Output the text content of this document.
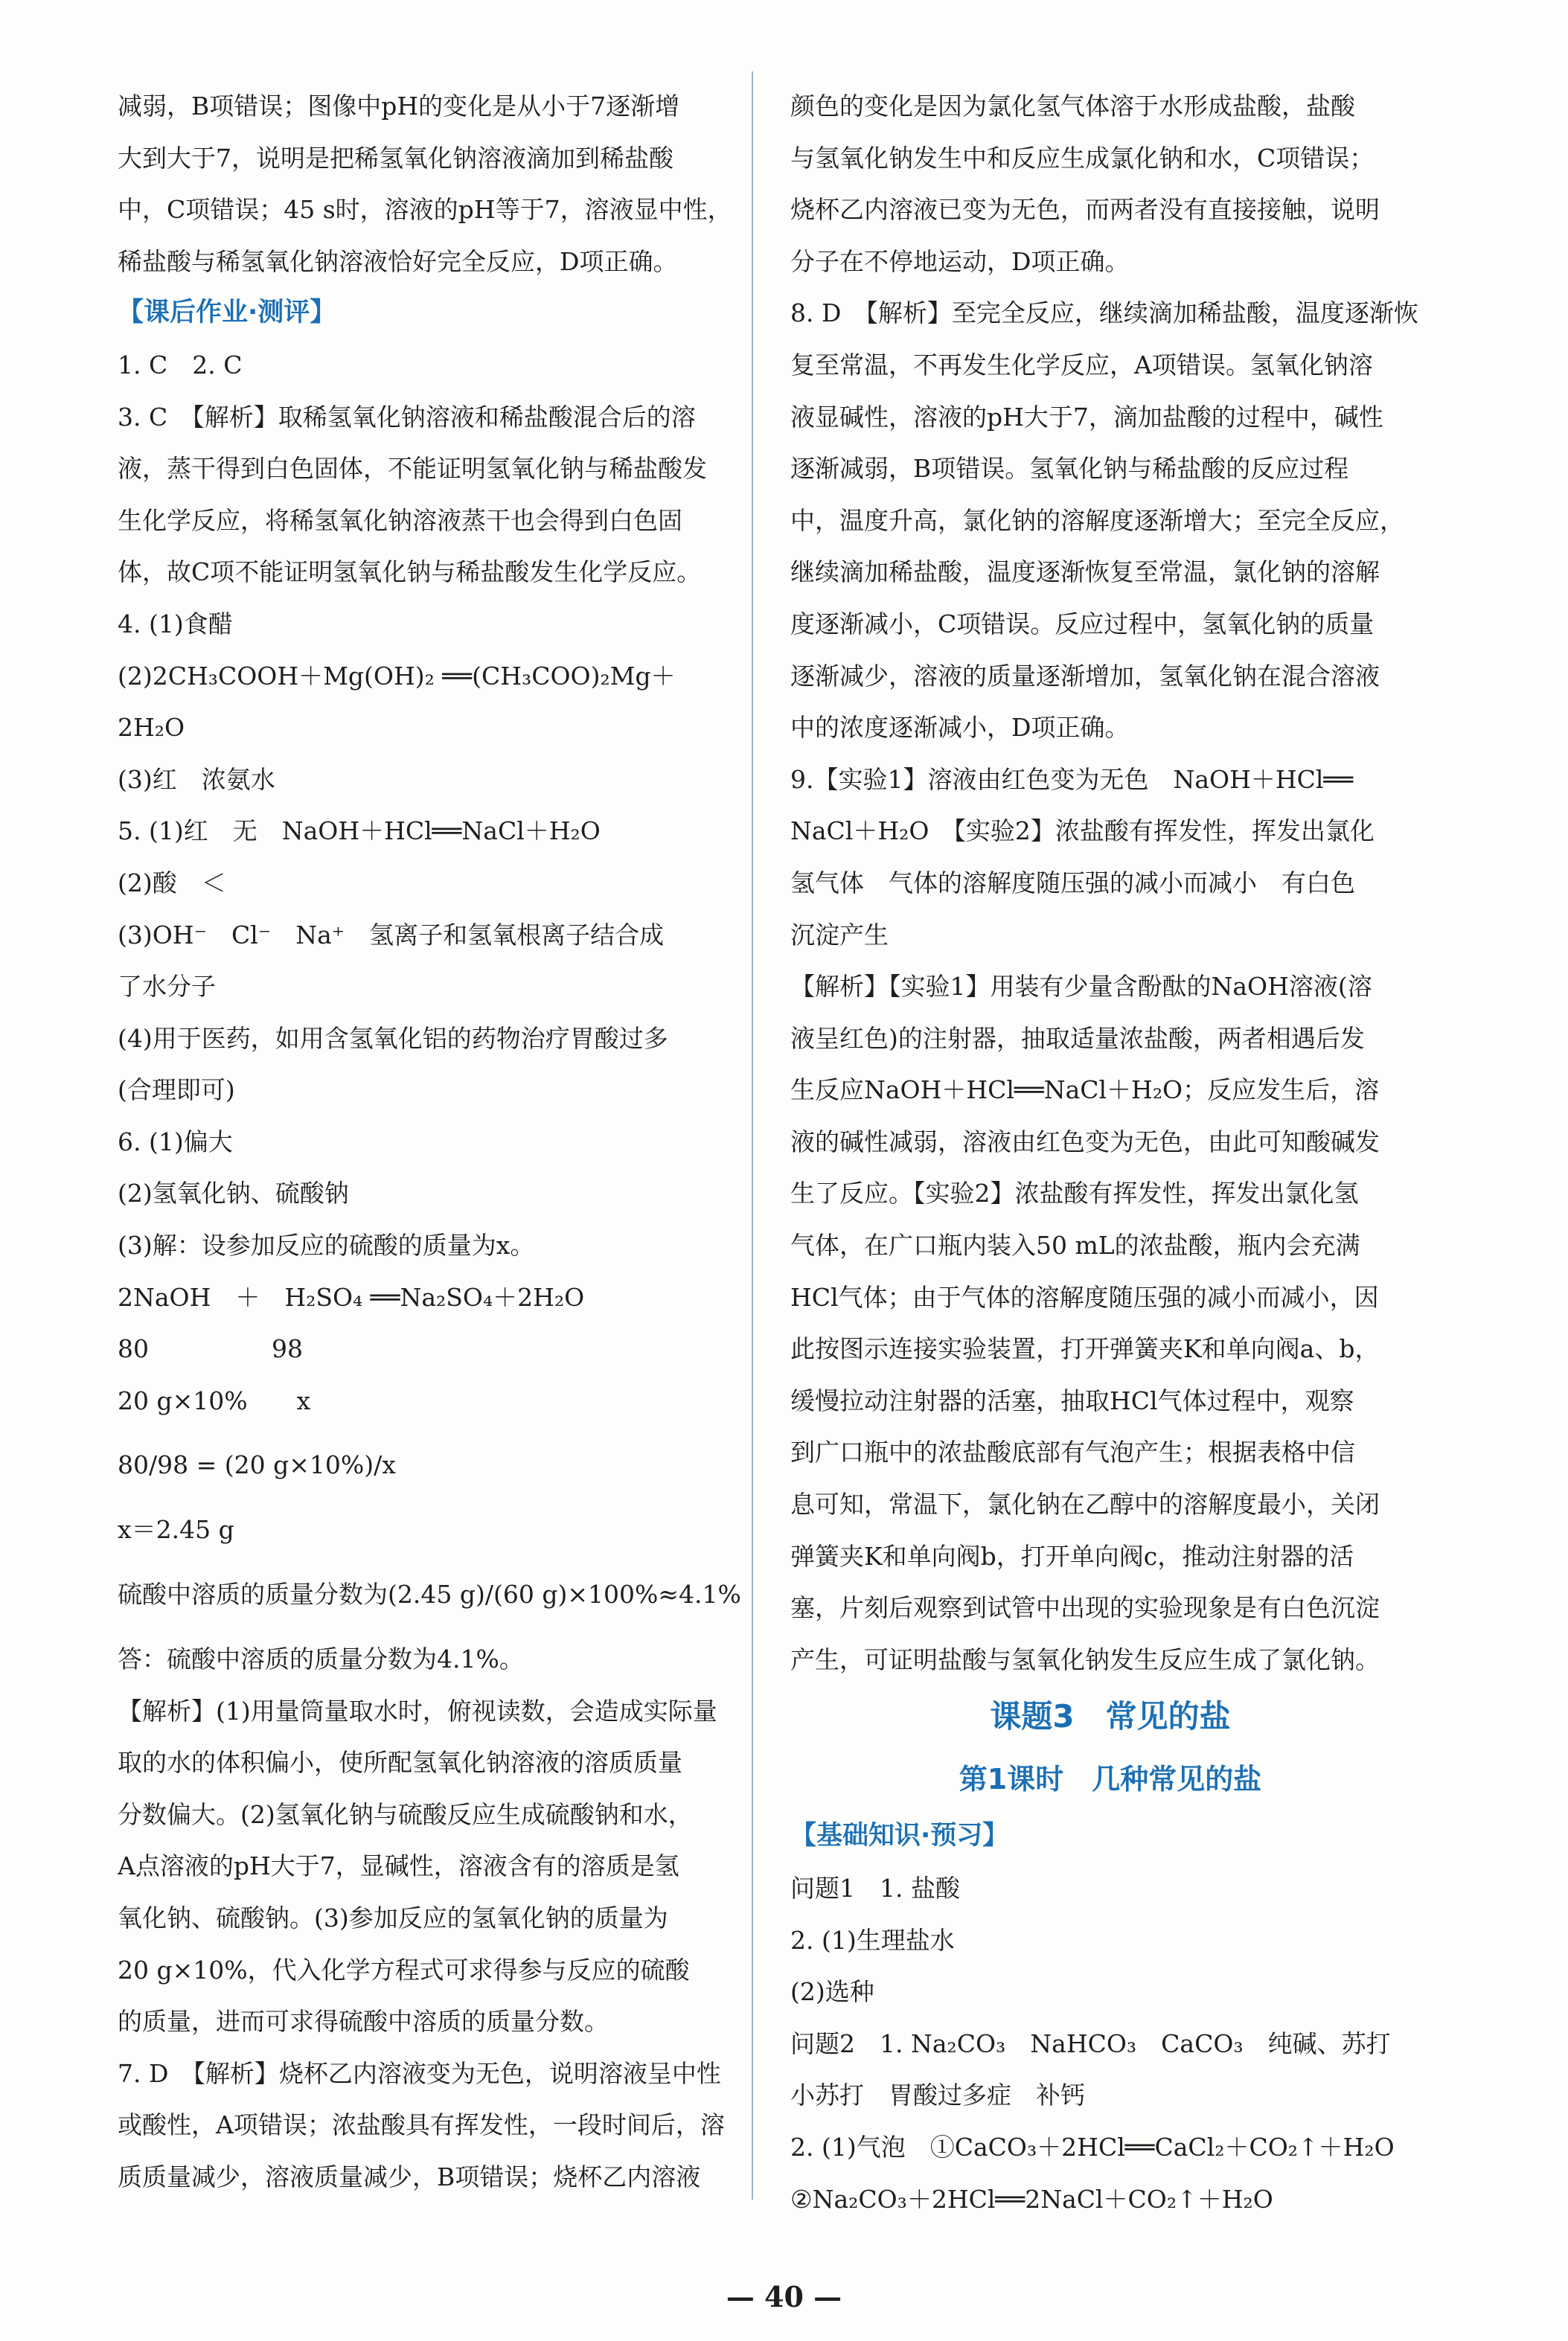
减弱，B项错误；图像中pH的变化是从小于7逐渐增
大到大于7，说明是把稀氢氧化钠溶液滴加到稀盐酸
中，C项错误；45 s时，溶液的pH等于7，溶液显中性，
稀盐酸与稀氢氧化钠溶液恰好完全反应，D项正确。
【课后作业·测评】
1. C　2. C
3. C　【解析】取稀氢氧化钠溶液和稀盐酸混合后的溶
液，蒸干得到白色固体，不能证明氢氧化钠与稀盐酸发
生化学反应，将稀氢氧化钠溶液蒸干也会得到白色固
体，故C项不能证明氢氧化钠与稀盐酸发生化学反应。
4. (1)食醋
(2)2CH₃COOH＋Mg(OH)₂ ══(CH₃COO)₂Mg＋
2H₂O
(3)红　浓氨水
5. (1)红　无　NaOH＋HCl══NaCl＋H₂O
(2)酸　＜
(3)OH⁻　Cl⁻　Na⁺　氢离子和氢氧根离子结合成
了水分子
(4)用于医药，如用含氢氧化铝的药物治疗胃酸过多
(合理即可)
6. (1)偏大
(2)氢氧化钠、硫酸钠
(3)解：设参加反应的硫酸的质量为x。
2NaOH　＋　H₂SO₄ ══Na₂SO₄＋2H₂O
80　　　　　98
20 g×10%　　x
80/98 = (20 g×10%)/x
x＝2.45 g
硫酸中溶质的质量分数为(2.45 g)/(60 g)×100%≈4.1%
答：硫酸中溶质的质量分数为4.1%。
【解析】(1)用量筒量取水时，俯视读数，会造成实际量
取的水的体积偏小，使所配氢氧化钠溶液的溶质质量
分数偏大。(2)氢氧化钠与硫酸反应生成硫酸钠和水，
A点溶液的pH大于7，显碱性，溶液含有的溶质是氢
氧化钠、硫酸钠。(3)参加反应的氢氧化钠的质量为
20 g×10%，代入化学方程式可求得参与反应的硫酸
的质量，进而可求得硫酸中溶质的质量分数。
7. D　【解析】烧杯乙内溶液变为无色，说明溶液呈中性
或酸性，A项错误；浓盐酸具有挥发性，一段时间后，溶
质质量减少，溶液质量减少，B项错误；烧杯乙内溶液
颜色的变化是因为氯化氢气体溶于水形成盐酸，盐酸
与氢氧化钠发生中和反应生成氯化钠和水，C项错误；
烧杯乙内溶液已变为无色，而两者没有直接接触，说明
分子在不停地运动，D项正确。
8. D　【解析】至完全反应，继续滴加稀盐酸，温度逐渐恢
复至常温，不再发生化学反应，A项错误。氢氧化钠溶
液显碱性，溶液的pH大于7，滴加盐酸的过程中，碱性
逐渐减弱，B项错误。氢氧化钠与稀盐酸的反应过程
中，温度升高，氯化钠的溶解度逐渐增大；至完全反应，
继续滴加稀盐酸，温度逐渐恢复至常温，氯化钠的溶解
度逐渐减小，C项错误。反应过程中，氢氧化钠的质量
逐渐减少，溶液的质量逐渐增加，氢氧化钠在混合溶液
中的浓度逐渐减小，D项正确。
9.【实验1】溶液由红色变为无色　NaOH＋HCl══
NaCl＋H₂O　【实验2】浓盐酸有挥发性，挥发出氯化
氢气体　气体的溶解度随压强的减小而减小　有白色
沉淀产生
【解析】【实验1】用装有少量含酚酞的NaOH溶液(溶
液呈红色)的注射器，抽取适量浓盐酸，两者相遇后发
生反应NaOH＋HCl══NaCl＋H₂O；反应发生后，溶
液的碱性减弱，溶液由红色变为无色，由此可知酸碱发
生了反应。【实验2】浓盐酸有挥发性，挥发出氯化氢
气体，在广口瓶内装入50 mL的浓盐酸，瓶内会充满
HCl气体；由于气体的溶解度随压强的减小而减小，因
此按图示连接实验装置，打开弹簧夹K和单向阀a、b，
缓慢拉动注射器的活塞，抽取HCl气体过程中，观察
到广口瓶中的浓盐酸底部有气泡产生；根据表格中信
息可知，常温下，氯化钠在乙醇中的溶解度最小，关闭
弹簧夹K和单向阀b，打开单向阀c，推动注射器的活
塞，片刻后观察到试管中出现的实验现象是有白色沉淀
产生，可证明盐酸与氢氧化钠发生反应生成了氯化钠。
课题3　常见的盐
第1课时　几种常见的盐
【基础知识·预习】
问题1　1. 盐酸
2. (1)生理盐水
(2)选种
问题2　1. Na₂CO₃　NaHCO₃　CaCO₃　纯碱、苏打
小苏打　胃酸过多症　补钙
2. (1)气泡　①CaCO₃＋2HCl══CaCl₂＋CO₂↑＋H₂O
②Na₂CO₃＋2HCl══2NaCl＋CO₂↑＋H₂O
— 40 —
